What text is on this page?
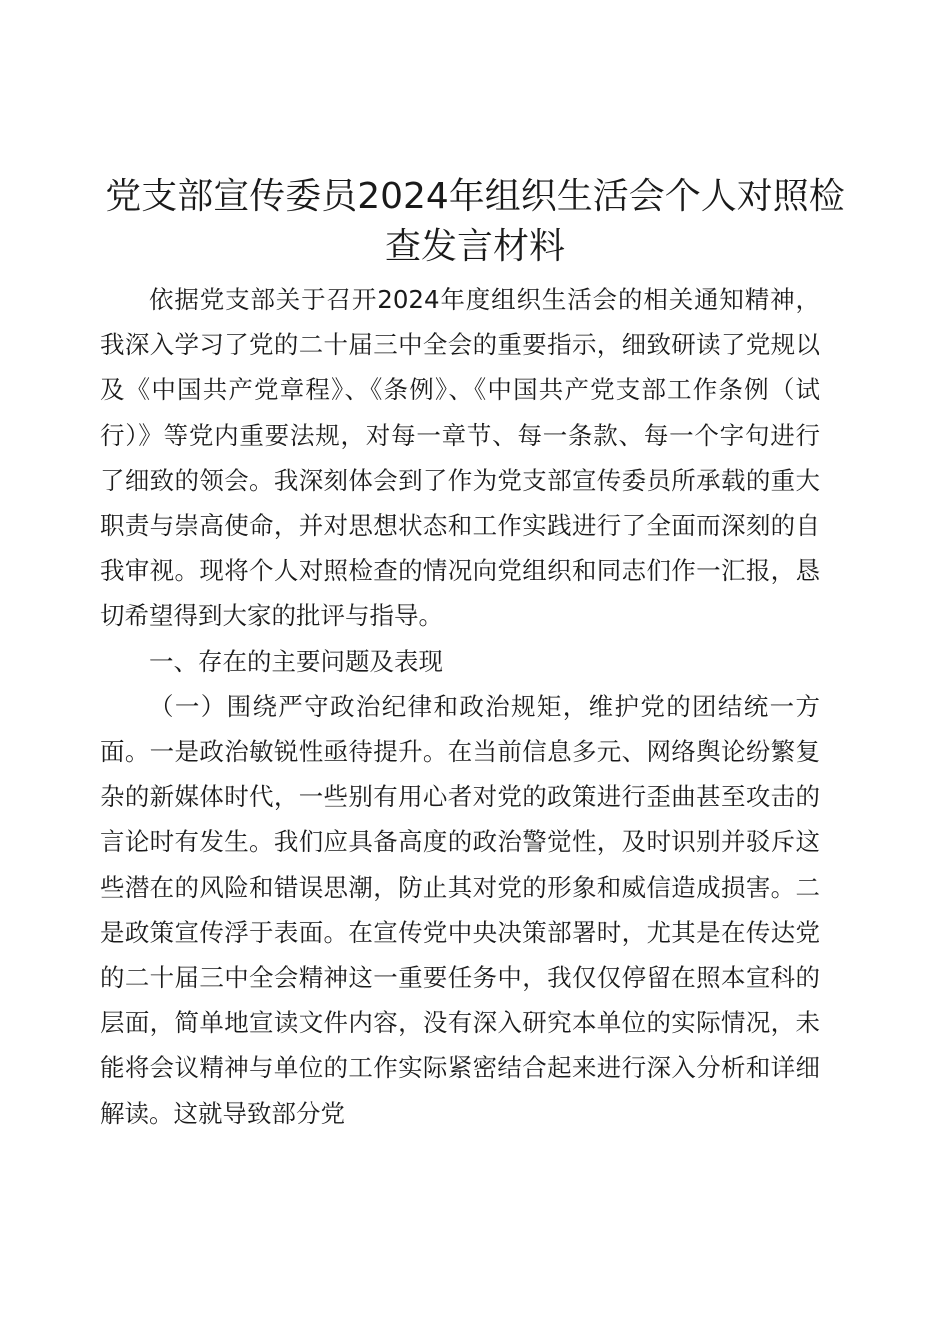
党支部宣传委员2024年组织生活会个人对照检查发言材料

依据党支部关于召开2024年度组织生活会的相关通知精神，我深入学习了党的二十届三中全会的重要指示，细致研读了党规以及《中国共产党章程》、《条例》、《中国共产党支部工作条例（试行）》等党内重要法规，对每一章节、每一条款、每一个字句进行了细致的领会。我深刻体会到了作为党支部宣传委员所承载的重大职责与崇高使命，并对思想状态和工作实践进行了全面而深刻的自我审视。现将个人对照检查的情况向党组织和同志们作一汇报，恳切希望得到大家的批评与指导。

一、存在的主要问题及表现

（一）围绕严守政治纪律和政治规矩，维护党的团结统一方面。一是政治敏锐性亟待提升。在当前信息多元、网络舆论纷繁复杂的新媒体时代，一些别有用心者对党的政策进行歪曲甚至攻击的言论时有发生。我们应具备高度的政治警觉性，及时识别并驳斥这些潜在的风险和错误思潮，防止其对党的形象和威信造成损害。二是政策宣传浮于表面。在宣传党中央决策部署时，尤其是在传达党的二十届三中全会精神这一重要任务中，我仅仅停留在照本宣科的层面，简单地宣读文件内容，没有深入研究本单位的实际情况，未能将会议精神与单位的工作实际紧密结合起来进行深入分析和详细解读。这就导致部分党
